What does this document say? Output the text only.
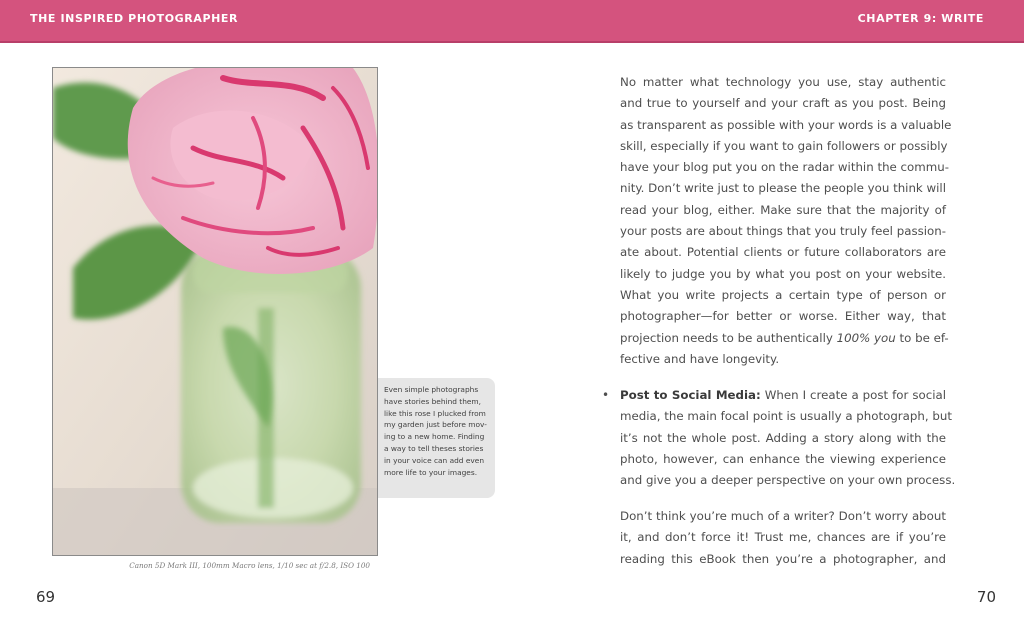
THE INSPIRED PHOTOGRAPHER	CHAPTER 9: WRITE
Canon 5D Mark III, 100mm Macro lens, 1/10 sec at f/2.8, ISO 100
Even simple photographs
have stories behind them,
like this rose I plucked from
my garden just before mov-
ing to a new home. Finding
a way to tell theses stories
in your voice can add even
more life to your images.
No matter what technology you use, stay authentic
and true to yourself and your craft as you post. Being
as transparent as possible with your words is a valuable
skill, especially if you want to gain followers or possibly
have your blog put you on the radar within the commu-
nity. Don’t write just to please the people you think will
read your blog, either. Make sure that the majority of
your posts are about things that you truly feel passion-
ate about. Potential clients or future collaborators are
likely to judge you by what you post on your website.
What you write projects a certain type of person or
photographer—for better or worse. Either way, that
projection needs to be authentically 100% you to be ef-
fective and have longevity.
• Post to Social Media: When I create a post for social
media, the main focal point is usually a photograph, but
it’s not the whole post. Adding a story along with the
photo, however, can enhance the viewing experience
and give you a deeper perspective on your own process.
Don’t think you’re much of a writer? Don’t worry about
it, and don’t force it! Trust me, chances are if you’re
reading this eBook then you’re a photographer, and
69	70
